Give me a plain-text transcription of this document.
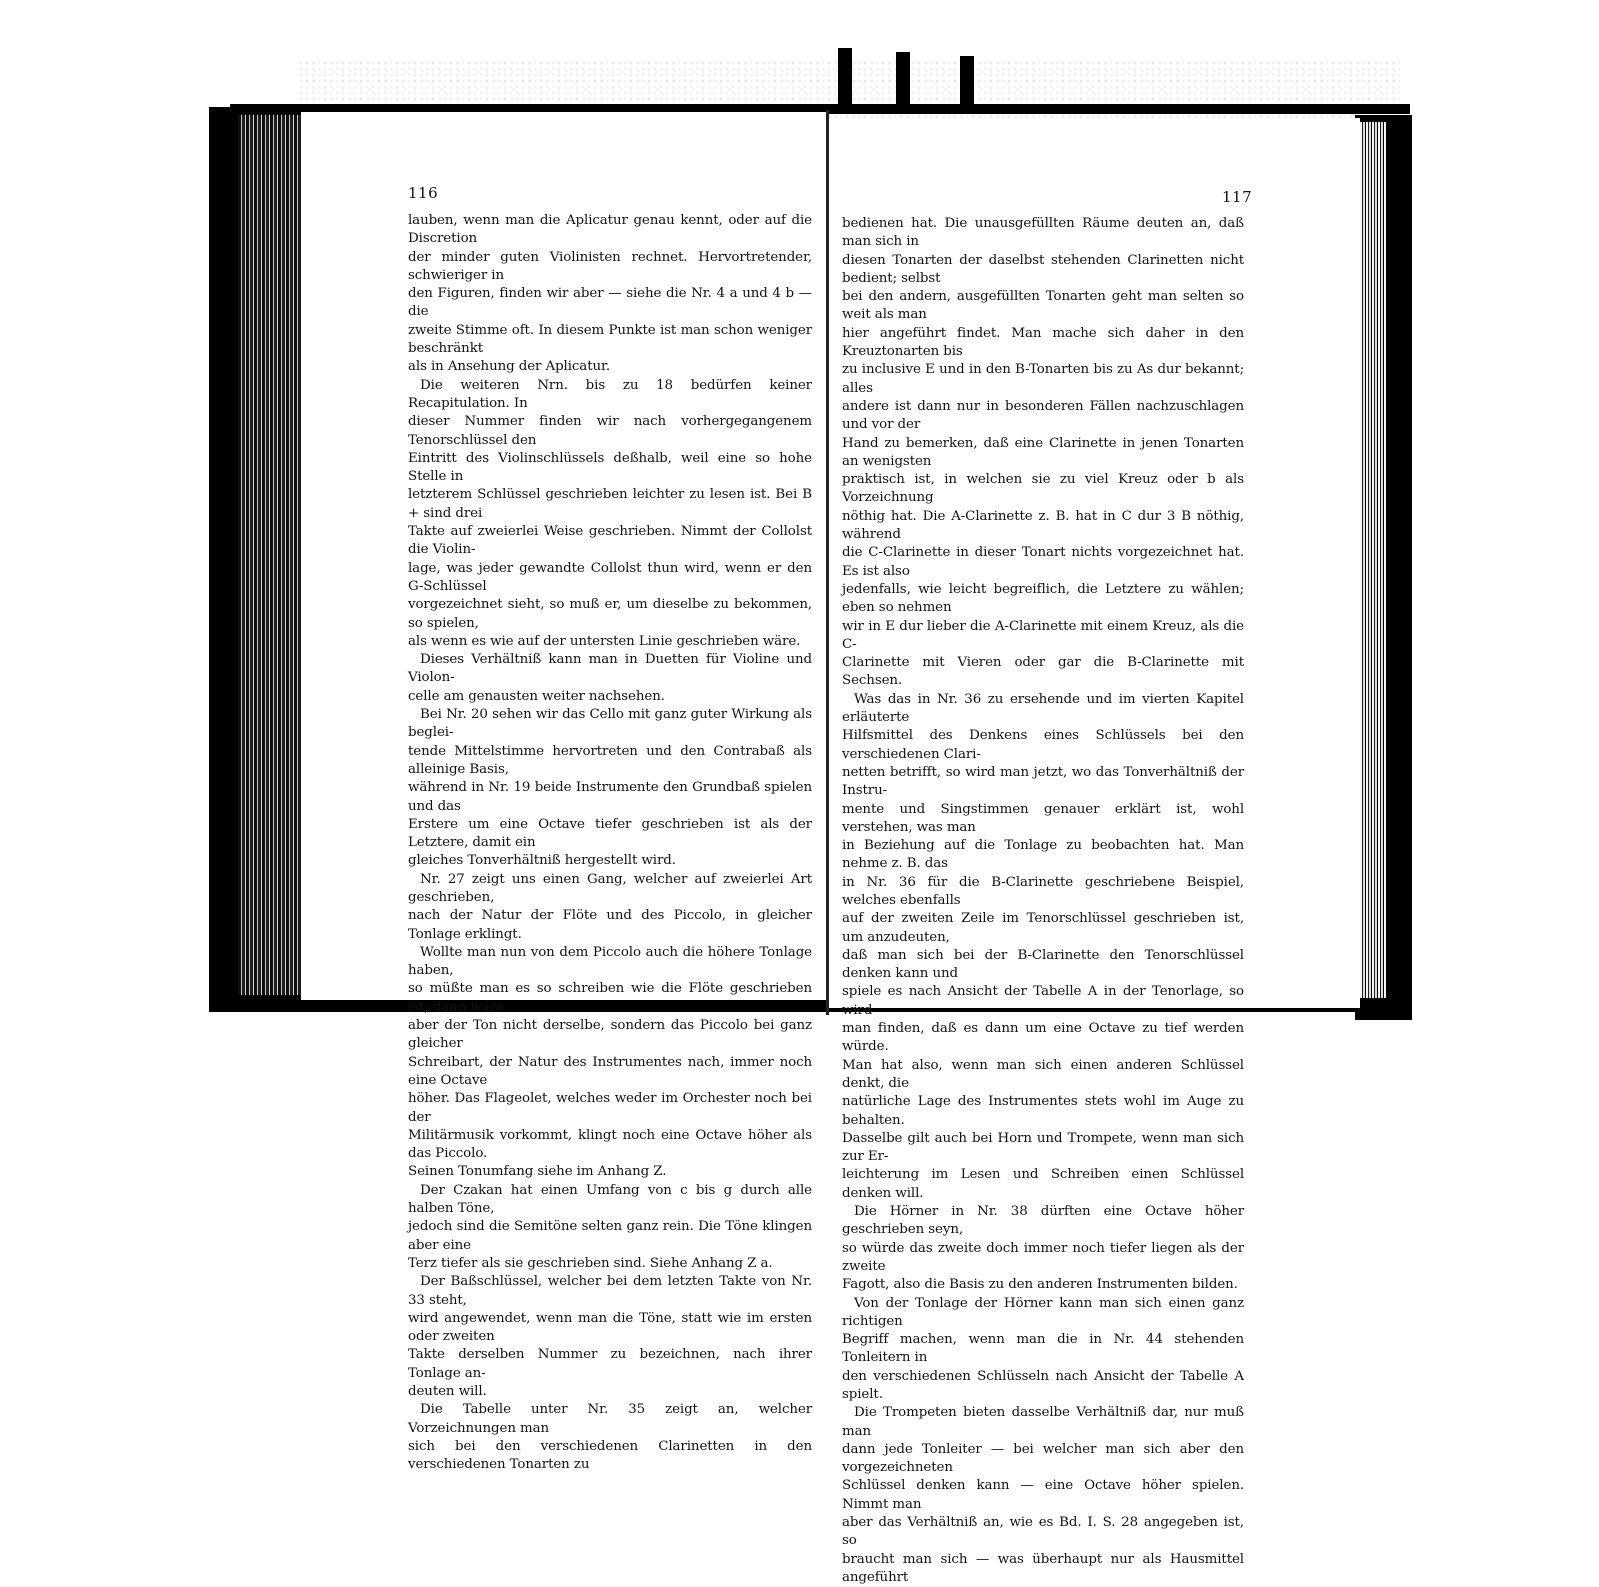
116	117

lauben, wenn man die Aplicatur genau kennt, oder auf die Discretion

der minder guten Violinisten rechnet. Hervortretender, schwieriger in

den Figuren, finden wir aber — siehe die Nr. 4 a und 4 b — die

zweite Stimme oft. In diesem Punkte ist man schon weniger beschränkt

als in Ansehung der Aplicatur.

Die weiteren Nrn. bis zu 18 bedürfen keiner Recapitulation. In

dieser Nummer finden wir nach vorhergegangenem Tenorschlüssel den

Eintritt des Violinschlüssels deßhalb, weil eine so hohe Stelle in

letzterem Schlüssel geschrieben leichter zu lesen ist. Bei B + sind drei

Takte auf zweierlei Weise geschrieben. Nimmt der Collolst die Violin-

lage, was jeder gewandte Collolst thun wird, wenn er den G-Schlüssel

vorgezeichnet sieht, so muß er, um dieselbe zu bekommen, so spielen,

als wenn es wie auf der untersten Linie geschrieben wäre.

Dieses Verhältniß kann man in Duetten für Violine und Violon-

celle am genausten weiter nachsehen.

Bei Nr. 20 sehen wir das Cello mit ganz guter Wirkung als beglei-

tende Mittelstimme hervortreten und den Contrabaß als alleinige Basis,

während in Nr. 19 beide Instrumente den Grundbaß spielen und das

Erstere um eine Octave tiefer geschrieben ist als der Letztere, damit ein

gleiches Tonverhältniß hergestellt wird.

Nr. 27 zeigt uns einen Gang, welcher auf zweierlei Art geschrieben,

nach der Natur der Flöte und des Piccolo, in gleicher Tonlage erklingt.

Wollte man nun von dem Piccolo auch die höhere Tonlage haben,

so müßte man es so schreiben wie die Flöte geschrieben ist; dann wäre

aber der Ton nicht derselbe, sondern das Piccolo bei ganz gleicher

Schreibart, der Natur des Instrumentes nach, immer noch eine Octave

höher. Das Flageolet, welches weder im Orchester noch bei der

Militärmusik vorkommt, klingt noch eine Octave höher als das Piccolo.

Seinen Tonumfang siehe im Anhang Z.

Der Czakan hat einen Umfang von c bis g durch alle halben Töne,

jedoch sind die Semitöne selten ganz rein. Die Töne klingen aber eine

Terz tiefer als sie geschrieben sind. Siehe Anhang Z a.

Der Baßschlüssel, welcher bei dem letzten Takte von Nr. 33 steht,

wird angewendet, wenn man die Töne, statt wie im ersten oder zweiten

Takte derselben Nummer zu bezeichnen, nach ihrer Tonlage an-

deuten will.

Die Tabelle unter Nr. 35 zeigt an, welcher Vorzeichnungen man

sich bei den verschiedenen Clarinetten in den verschiedenen Tonarten zu

bedienen hat. Die unausgefüllten Räume deuten an, daß man sich in

diesen Tonarten der daselbst stehenden Clarinetten nicht bedient; selbst

bei den andern, ausgefüllten Tonarten geht man selten so weit als man

hier angeführt findet. Man mache sich daher in den Kreuztonarten bis

zu inclusive E und in den B-Tonarten bis zu As dur bekannt; alles

andere ist dann nur in besonderen Fällen nachzuschlagen und vor der

Hand zu bemerken, daß eine Clarinette in jenen Tonarten an wenigsten

praktisch ist, in welchen sie zu viel Kreuz oder b als Vorzeichnung

nöthig hat. Die A-Clarinette z. B. hat in C dur 3 B nöthig, während

die C-Clarinette in dieser Tonart nichts vorgezeichnet hat. Es ist also

jedenfalls, wie leicht begreiflich, die Letztere zu wählen; eben so nehmen

wir in E dur lieber die A-Clarinette mit einem Kreuz, als die C-

Clarinette mit Vieren oder gar die B-Clarinette mit Sechsen.

Was das in Nr. 36 zu ersehende und im vierten Kapitel erläuterte

Hilfsmittel des Denkens eines Schlüssels bei den verschiedenen Clari-

netten betrifft, so wird man jetzt, wo das Tonverhältniß der Instru-

mente und Singstimmen genauer erklärt ist, wohl verstehen, was man

in Beziehung auf die Tonlage zu beobachten hat. Man nehme z. B. das

in Nr. 36 für die B-Clarinette geschriebene Beispiel, welches ebenfalls

auf der zweiten Zeile im Tenorschlüssel geschrieben ist, um anzudeuten,

daß man sich bei der B-Clarinette den Tenorschlüssel denken kann und

spiele es nach Ansicht der Tabelle A in der Tenorlage, so wird

man finden, daß es dann um eine Octave zu tief werden würde.

Man hat also, wenn man sich einen anderen Schlüssel denkt, die

natürliche Lage des Instrumentes stets wohl im Auge zu behalten.

Dasselbe gilt auch bei Horn und Trompete, wenn man sich zur Er-

leichterung im Lesen und Schreiben einen Schlüssel denken will.

Die Hörner in Nr. 38 dürften eine Octave höher geschrieben seyn,

so würde das zweite doch immer noch tiefer liegen als der zweite

Fagott, also die Basis zu den anderen Instrumenten bilden.

Von der Tonlage der Hörner kann man sich einen ganz richtigen

Begriff machen, wenn man die in Nr. 44 stehenden Tonleitern in

den verschiedenen Schlüsseln nach Ansicht der Tabelle A spielt.

Die Trompeten bieten dasselbe Verhältniß dar, nur muß man

dann jede Tonleiter — bei welcher man sich aber den vorgezeichneten

Schlüssel denken kann — eine Octave höher spielen. Nimmt man

aber das Verhältniß an, wie es Bd. I. S. 28 angegeben ist, so

braucht man sich — was überhaupt nur als Hausmittel angeführt
